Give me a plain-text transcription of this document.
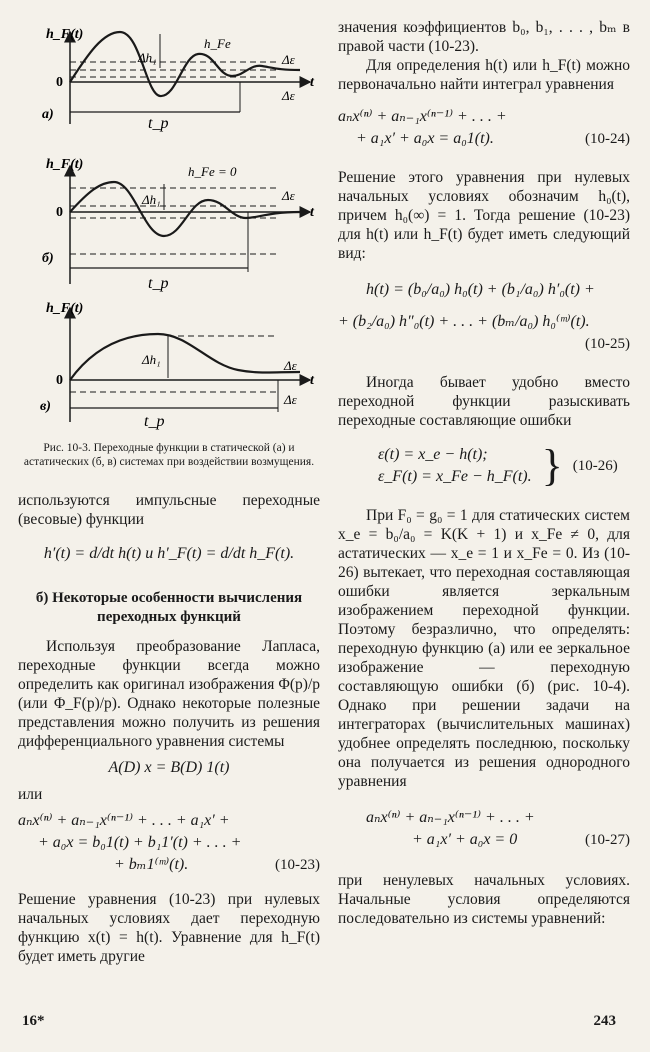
h_F(t)
0	t
Δh₁
h_Fe
Δε
Δε
t_p
а)
h_F(t)
0	t
Δh₁
h_Fe = 0
Δε
t_p
б)
h_F(t)
0	t
Δh₁	Δε
Δε
t_p
в)
Рис. 10-3. Переходные функции в статической (а) и астатических (б, в) системах при воздействии возмущения.

используются импульсные переходные (весовые) функции

h′(t) = d/dt h(t) и h′_F(t) = d/dt h_F(t).
б) Некоторые особенности вычисления переходных функций

Используя преобразование Лапласа, переходные функции всегда можно определить как оригинал изображения Φ(p)/p (или Φ_F(p)/p). Однако некоторые полезные представления можно получить из решения дифференциального уравнения системы

A(D) x = B(D) 1(t)

или

aₙx⁽ⁿ⁾ + aₙ₋₁x⁽ⁿ⁻¹⁾ + . . . + a₁x′ +
+ a₀x = b₀1(t) + b₁1′(t) + . . . +
+ bₘ1⁽ᵐ⁾(t).	(10-23)

Решение уравнения (10-23) при нулевых начальных условиях дает переходную функцию x(t) = h(t). Уравнение для h_F(t) будет иметь другие

16*

значения коэффициентов b₀, b₁, . . . , bₘ в правой части (10-23).

Для определения h(t) или h_F(t) можно первоначально найти интеграл уравнения

aₙx⁽ⁿ⁾ + aₙ₋₁x⁽ⁿ⁻¹⁾ + . . . +
+ a₁x′ + a₀x = a₀1(t).	(10-24)

Решение этого уравнения при нулевых начальных условиях обозначим h₀(t), причем h₀(∞) = 1. Тогда решение (10-23) для h(t) или h_F(t) будет иметь следующий вид:

h(t) = (b₀/a₀) h₀(t) + (b₁/a₀) h′₀(t) +
+ (b₂/a₀) h″₀(t) + . . . + (bₘ/a₀) h₀⁽ᵐ⁾(t).
(10-25)

Иногда бывает удобно вместо переходной функции разыскивать переходные составляющие ошибки

ε(t) = x_e − h(t);
ε_F(t) = x_Fe − h_F(t). } (10-26)

При F₀ = g₀ = 1 для статических систем x_e = b₀/a₀ = K(K + 1) и x_Fe ≠ 0, для астатических — x_e = 1 и x_Fe = 0. Из (10-26) вытекает, что переходная составляющая ошибки является зеркальным изображением переходной функции. Поэтому безразлично, что определять: переходную функцию (а) или ее зеркальное изображение — переходную составляющую ошибки (б) (рис. 10-4). Однако при решении задачи на интеграторах (вычислительных машинах) удобнее определять последнюю, поскольку она получается из решения однородного уравнения

aₙx⁽ⁿ⁾ + aₙ₋₁x⁽ⁿ⁻¹⁾ + . . . +
+ a₁x′ + a₀x = 0	(10-27)

при ненулевых начальных условиях. Начальные условия определяются последовательно из системы уравнений:

243
